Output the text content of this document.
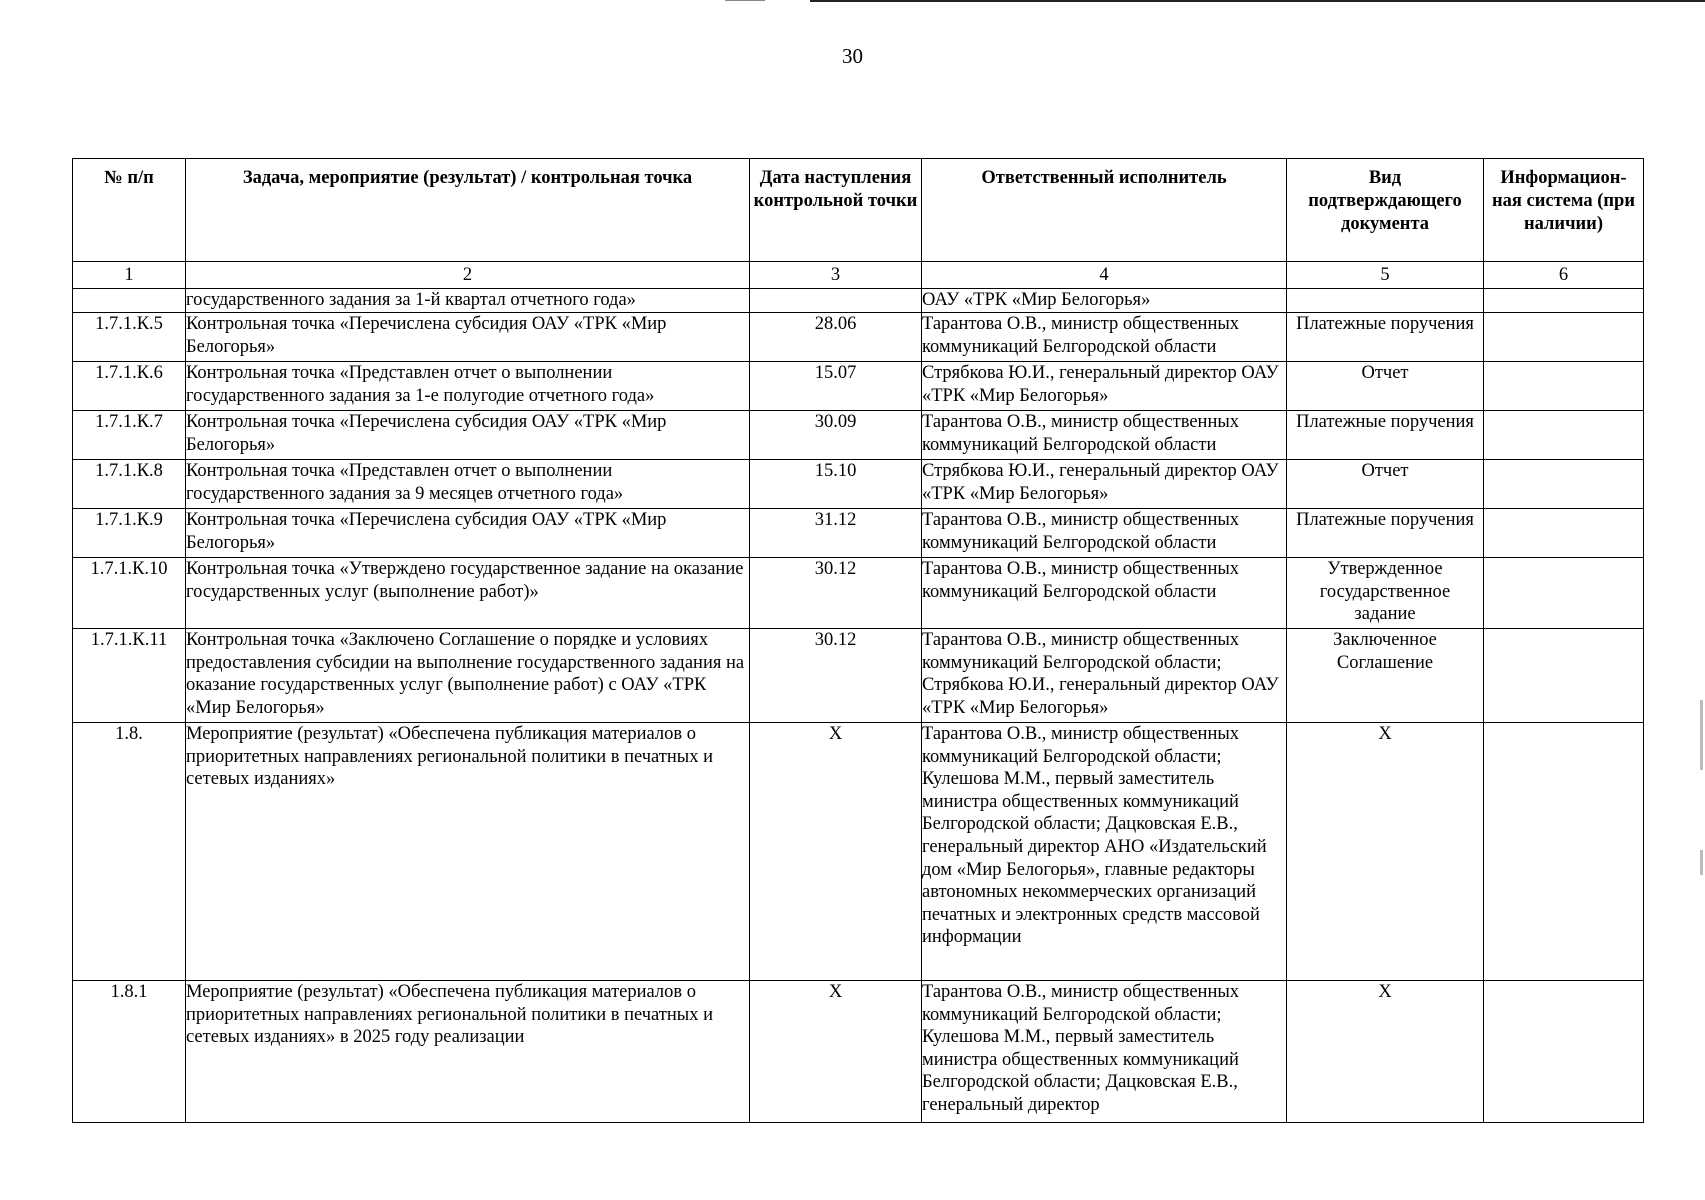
30
№ п/п	Задача, мероприятие (результат) / контрольная точка	Дата наступления контрольной точки	Ответственный исполнитель	Вид подтверждающего документа	Информацион-ная система (при наличии)
1	2	3	4	5	6
	государственного задания за 1-й квартал отчетного года»		ОАУ «ТРК «Мир Белогорья»		
1.7.1.К.5	Контрольная точка «Перечислена субсидия ОАУ «ТРК «Мир Белогорья»	28.06	Тарантова О.В., министр общественных коммуникаций Белгородской области	Платежные поручения	
1.7.1.К.6	Контрольная точка «Представлен отчет о выполнении государственного задания за 1-е полугодие отчетного года»	15.07	Стрябкова Ю.И., генеральный директор ОАУ «ТРК «Мир Белогорья»	Отчет	
1.7.1.К.7	Контрольная точка «Перечислена субсидия ОАУ «ТРК «Мир Белогорья»	30.09	Тарантова О.В., министр общественных коммуникаций Белгородской области	Платежные поручения	
1.7.1.К.8	Контрольная точка «Представлен отчет о выполнении государственного задания за 9 месяцев отчетного года»	15.10	Стрябкова Ю.И., генеральный директор ОАУ «ТРК «Мир Белогорья»	Отчет	
1.7.1.К.9	Контрольная точка «Перечислена субсидия ОАУ «ТРК «Мир Белогорья»	31.12	Тарантова О.В., министр общественных коммуникаций Белгородской области	Платежные поручения	
1.7.1.К.10	Контрольная точка «Утверждено государственное задание на оказание государственных услуг (выполнение работ)»	30.12	Тарантова О.В., министр общественных коммуникаций Белгородской области	Утвержденное государственное задание	
1.7.1.К.11	Контрольная точка «Заключено Соглашение о порядке и условиях предоставления субсидии на выполнение государственного задания на оказание государственных услуг (выполнение работ) с ОАУ «ТРК «Мир Белогорья»	30.12	Тарантова О.В., министр общественных коммуникаций Белгородской области; Стрябкова Ю.И., генеральный директор ОАУ «ТРК «Мир Белогорья»	Заключенное Соглашение	
1.8.	Мероприятие (результат) «Обеспечена публикация материалов о приоритетных направлениях региональной политики в печатных и сетевых изданиях»	X	Тарантова О.В., министр общественных коммуникаций Белгородской области; Кулешова М.М., первый заместитель министра общественных коммуникаций Белгородской области; Дацковская Е.В., генеральный директор АНО «Издательский дом «Мир Белогорья», главные редакторы автономных некоммерческих организаций печатных и электронных средств массовой информации	X	
1.8.1	Мероприятие (результат) «Обеспечена публикация материалов о приоритетных направлениях региональной политики в печатных и сетевых изданиях» в 2025 году реализации	X	Тарантова О.В., министр общественных коммуникаций Белгородской области; Кулешова М.М., первый заместитель министра общественных коммуникаций Белгородской области; Дацковская Е.В., генеральный директор	X	
